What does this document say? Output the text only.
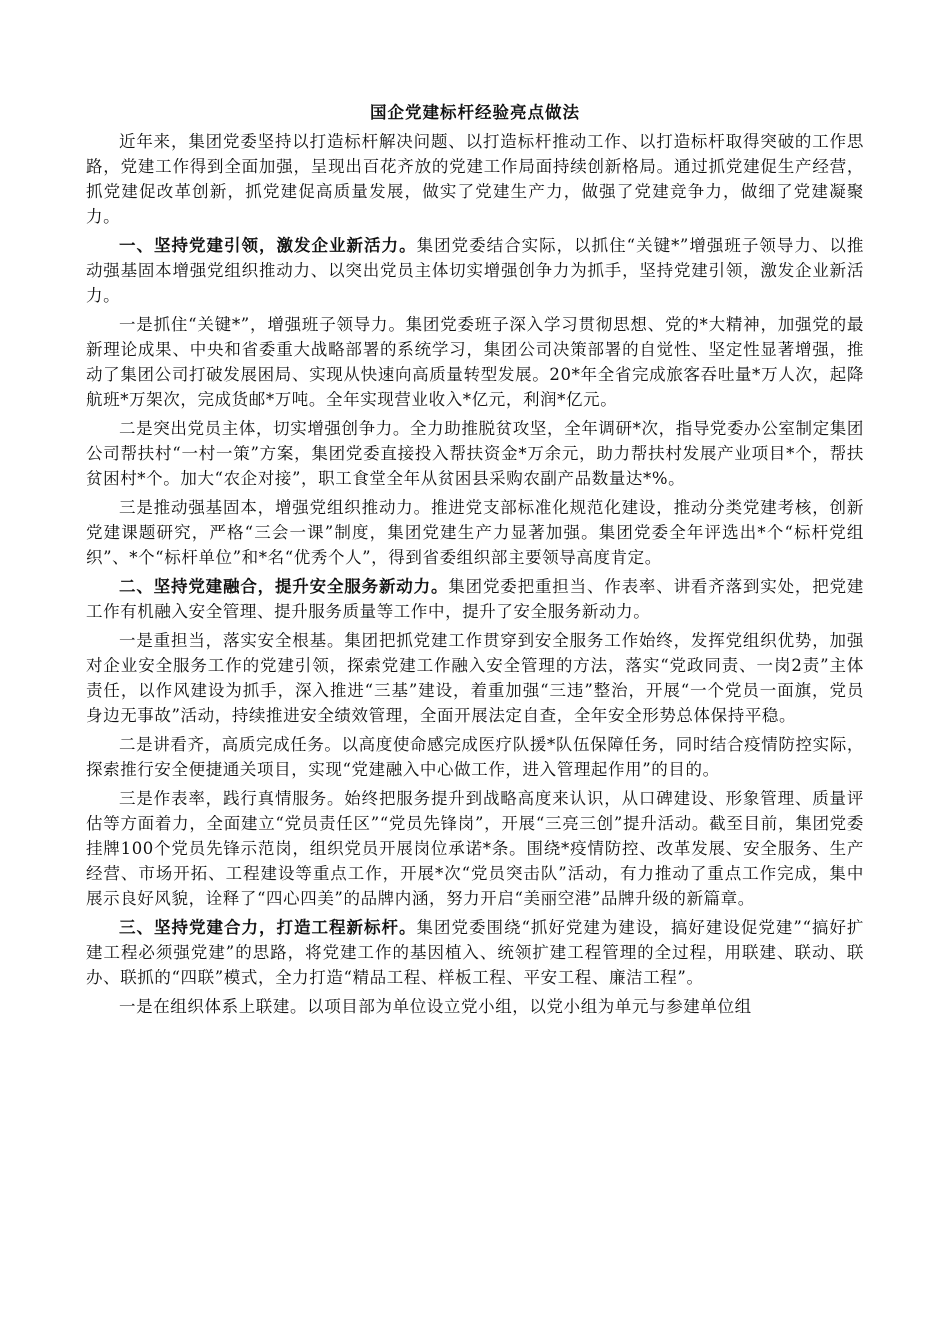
国企党建标杆经验亮点做法

近年来，集团党委坚持以打造标杆解决问题、以打造标杆推动工作、以打造标杆取得突破的工作思路，党建工作得到全面加强，呈现出百花齐放的党建工作局面持续创新格局。通过抓党建促生产经营，抓党建促改革创新，抓党建促高质量发展，做实了党建生产力，做强了党建竞争力，做细了党建凝聚力。

一、坚持党建引领，激发企业新活力。集团党委结合实际，以抓住“关键*”增强班子领导力、以推动强基固本增强党组织推动力、以突出党员主体切实增强创争力为抓手，坚持党建引领，激发企业新活力。

一是抓住“关键*”，增强班子领导力。集团党委班子深入学习贯彻思想、党的*大精神，加强党的最新理论成果、中央和省委重大战略部署的系统学习，集团公司决策部署的自觉性、坚定性显著增强，推动了集团公司打破发展困局、实现从快速向高质量转型发展。20*年全省完成旅客吞吐量*万人次，起降航班*万架次，完成货邮*万吨。全年实现营业收入*亿元，利润*亿元。

二是突出党员主体，切实增强创争力。全力助推脱贫攻坚，全年调研*次，指导党委办公室制定集团公司帮扶村“一村一策”方案，集团党委直接投入帮扶资金*万余元，助力帮扶村发展产业项目*个，帮扶贫困村*个。加大“农企对接”，职工食堂全年从贫困县采购农副产品数量达*%。

三是推动强基固本，增强党组织推动力。推进党支部标准化规范化建设，推动分类党建考核，创新党建课题研究，严格“三会一课”制度，集团党建生产力显著加强。集团党委全年评选出*个“标杆党组织”、*个“标杆单位”和*名“优秀个人”，得到省委组织部主要领导高度肯定。

二、坚持党建融合，提升安全服务新动力。集团党委把重担当、作表率、讲看齐落到实处，把党建工作有机融入安全管理、提升服务质量等工作中，提升了安全服务新动力。

一是重担当，落实安全根基。集团把抓党建工作贯穿到安全服务工作始终，发挥党组织优势，加强对企业安全服务工作的党建引领，探索党建工作融入安全管理的方法，落实“党政同责、一岗2责”主体责任，以作风建设为抓手，深入推进“三基”建设，着重加强“三违”整治，开展“一个党员一面旗，党员身边无事故”活动，持续推进安全绩效管理，全面开展法定自查，全年安全形势总体保持平稳。

二是讲看齐，高质完成任务。以高度使命感完成医疗队援*队伍保障任务，同时结合疫情防控实际，探索推行安全便捷通关项目，实现“党建融入中心做工作，进入管理起作用”的目的。

三是作表率，践行真情服务。始终把服务提升到战略高度来认识，从口碑建设、形象管理、质量评估等方面着力，全面建立“党员责任区”“党员先锋岗”，开展“三亮三创”提升活动。截至目前，集团党委挂牌100个党员先锋示范岗，组织党员开展岗位承诺*条。围绕*疫情防控、改革发展、安全服务、生产经营、市场开拓、工程建设等重点工作，开展*次“党员突击队”活动，有力推动了重点工作完成，集中展示良好风貌，诠释了“四心四美”的品牌内涵，努力开启“美丽空港”品牌升级的新篇章。

三、坚持党建合力，打造工程新标杆。集团党委围绕“抓好党建为建设，搞好建设促党建”“搞好扩建工程必须强党建”的思路，将党建工作的基因植入、统领扩建工程管理的全过程，用联建、联动、联办、联抓的“四联”模式，全力打造“精品工程、样板工程、平安工程、廉洁工程”。

一是在组织体系上联建。以项目部为单位设立党小组，以党小组为单元与参建单位组
